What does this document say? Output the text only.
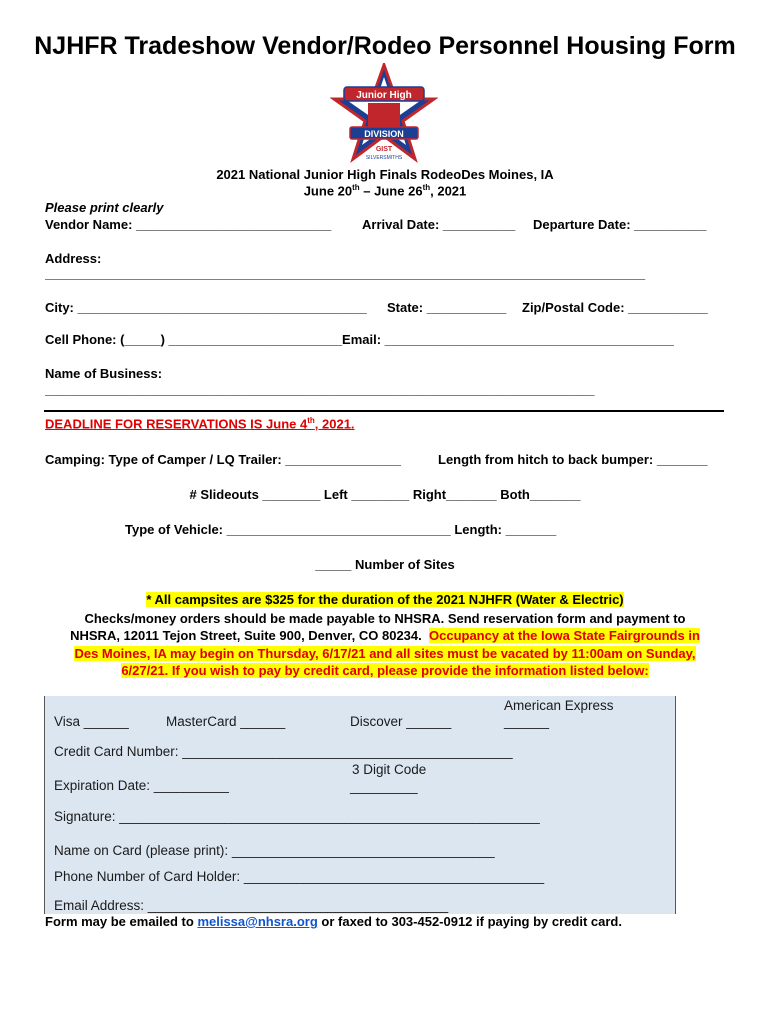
NJHFR Tradeshow Vendor/Rodeo Personnel Housing Form
Junior High
DIVISION
GIST
SILVERSMITHS
2021 National Junior High Finals RodeoDes Moines, IA
June 20th – June 26th, 2021
Please print clearly
Vendor Name: ___________________________ Arrival Date: __________ Departure Date: __________
Address:
___________________________________________________________________________________
City: ________________________________________ State: ___________ Zip/Postal Code: ___________
Cell Phone: (_____) ________________________Email: ________________________________________
Name of Business:
____________________________________________________________________________
DEADLINE FOR RESERVATIONS IS June 4th, 2021.
Camping: Type of Camper / LQ Trailer: ________________	Length from hitch to back bumper: _______
# Slideouts ________ Left ________ Right_______ Both_______
Type of Vehicle: _______________________________ Length: _______
_____ Number of Sites
* All campsites are $325 for the duration of the 2021 NJHFR (Water & Electric)
Checks/money orders should be made payable to NHSRA. Send reservation form and payment to
NHSRA, 12011 Tejon Street, Suite 900, Denver, CO 80234. Occupancy at the Iowa State Fairgrounds in
Des Moines, IA may begin on Thursday, 6/17/21 and all sites must be vacated by 11:00am on Sunday,
6/27/21. If you wish to pay by credit card, please provide the information listed below:
Visa ______	MasterCard ______	Discover ______
American Express
______
Credit Card Number: ____________________________________________
3 Digit Code
_________
Expiration Date: __________
Signature: ________________________________________________________
Name on Card (please print): ___________________________________
Phone Number of Card Holder: ________________________________________
Email Address: ________________________________________
Form may be emailed to melissa@nhsra.org or faxed to 303-452-0912 if paying by credit card.
